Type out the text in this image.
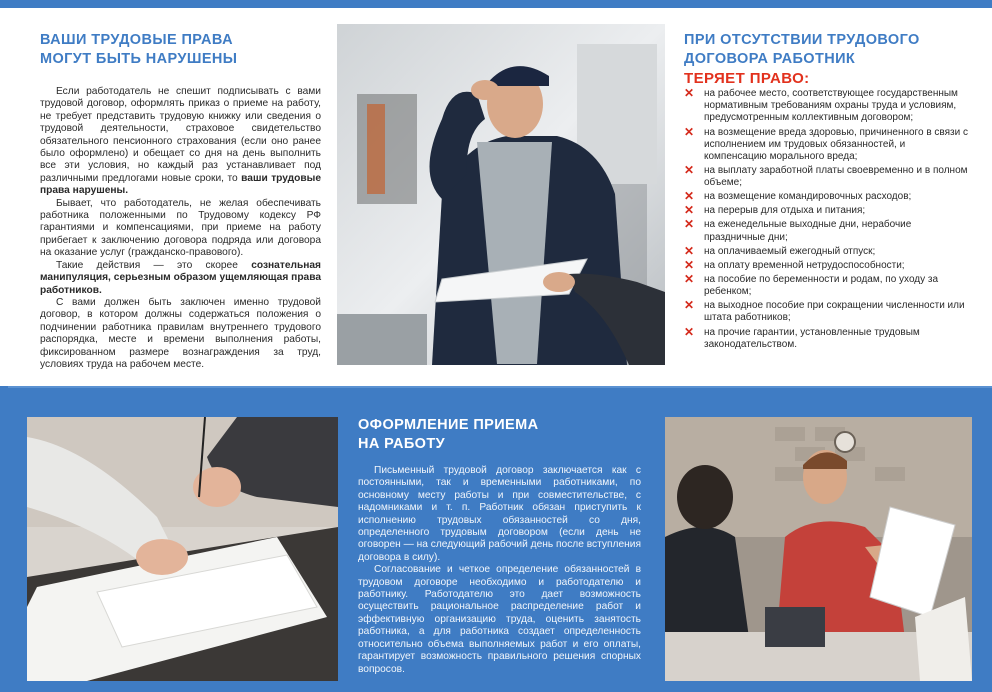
ВАШИ ТРУДОВЫЕ ПРАВА
МОГУТ БЫТЬ НАРУШЕНЫ

Если работодатель не спешит подписывать с вами трудовой договор, оформлять приказ о приеме на работу, не требует представить трудовую книжку или сведения о трудовой деятельности, страховое свидетельство обязательного пенсионного страхования (если оно ранее было оформлено) и обещает со дня на день выполнить все эти условия, но каждый раз устанавливает под различными предлогами новые сроки, то ваши трудовые права нарушены.

Бывает, что работодатель, не желая обеспечивать работника положенными по Трудовому кодексу РФ гарантиями и компенсациями, при приеме на работу прибегает к заключению договора подряда или договора на оказание услуг (гражданско-правового).

Такие действия — это скорее сознательная манипуляция, серьезным образом ущемляющая права работников.

С вами должен быть заключен именно трудовой договор, в котором должны содержаться положения о подчинении работника правилам внутреннего трудового распорядка, месте и времени выполнения работы, фиксированном размере вознаграждения за труд, условиях труда на рабочем месте.

ПРИ ОТСУТСТВИИ ТРУДОВОГО
ДОГОВОРА РАБОТНИК
ТЕРЯЕТ ПРАВО:
✕ на рабочее место, соответствующее государственным нормативным требованиям охраны труда и условиям, предусмотренным коллективным договором;
✕ на возмещение вреда здоровью, причиненного в связи с исполнением им трудовых обязанностей, и компенсацию морального вреда;
✕ на выплату заработной платы своевременно и в полном объеме;
✕ на возмещение командировочных расходов;
✕ на перерыв для отдыха и питания;
✕ на еженедельные выходные дни, нерабочие праздничные дни;
✕ на оплачиваемый ежегодный отпуск;
✕ на оплату временной нетрудоспособности;
✕ на пособие по беременности и родам, по уходу за ребенком;
✕ на выходное пособие при сокращении численности или штата работников;
✕ на прочие гарантии, установленные трудовым законодательством.
ОФОРМЛЕНИЕ ПРИЕМА
НА РАБОТУ

Письменный трудовой договор заключается как с постоянными, так и временными работниками, по основному месту работы и при совместительстве, с надомниками и т. п. Работник обязан приступить к исполнению трудовых обязанностей со дня, определенного трудовым договором (если день не оговорен — на следующий рабочий день после вступления договора в силу).

Согласование и четкое определение обязанностей в трудовом договоре необходимо и работодателю и работнику. Работодателю это дает возможность осуществить рациональное распределение работ и эффективную организацию труда, оценить занятость работника, а для работника создает определенность относительно объема выполняемых работ и его оплаты, гарантирует возможность правильного решения спорных вопросов.
